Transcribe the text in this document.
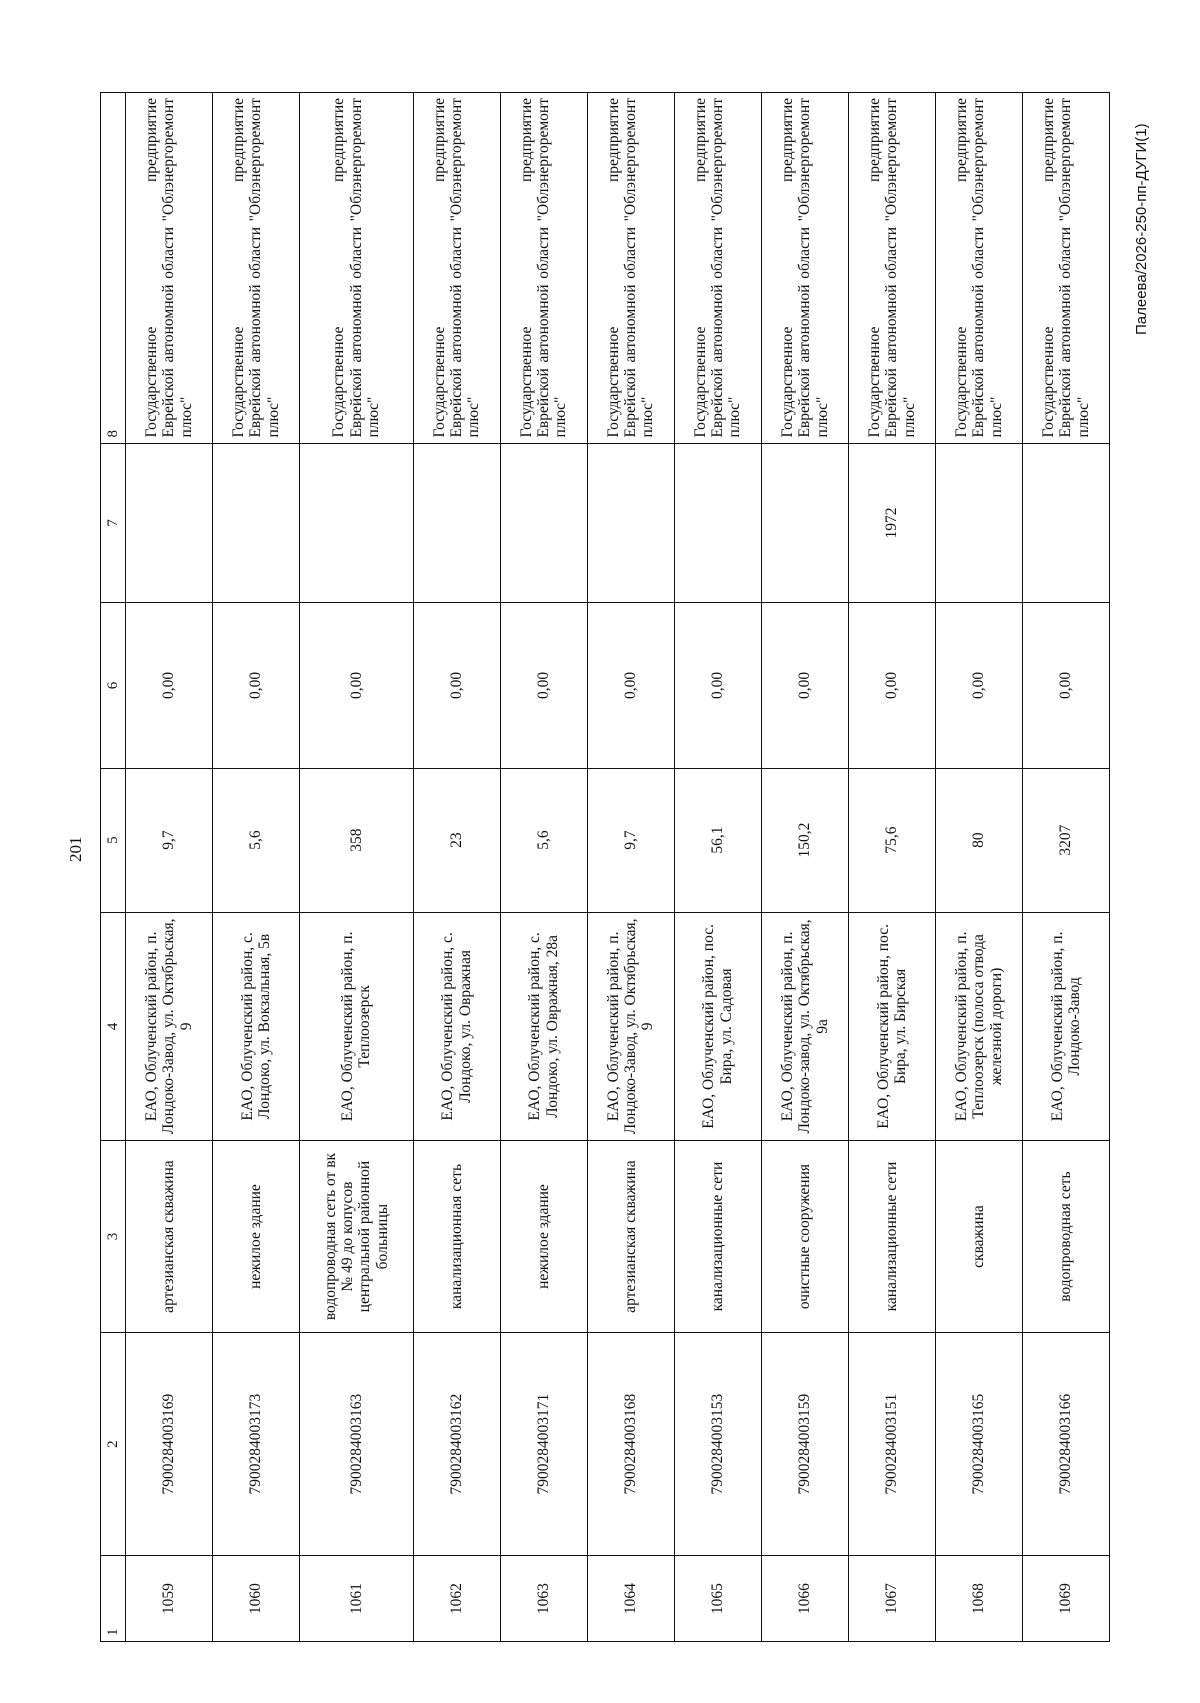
201
1	2	3	4	5	6	7	8
1059	7900284003169	артезианская скважина	ЕАО, Облученский район, п. Лондоко-Завод, ул. Октябрьская, 9	9,7	0,00		Государственное
предприятие Еврейской автономной области "Облэнергоремонт плюс"

1060	7900284003173	нежилое здание	ЕАО, Облученский район, с. Лондоко, ул. Вокзальная, 5в	5,6	0,00		Государственное
предприятие Еврейской автономной области "Облэнергоремонт плюс"

1061	7900284003163	водопроводная сеть от вк № 49 до копусов центральной районной больницы	ЕАО, Облученский район, п. Теплоозерск	358	0,00		Государственное
предприятие Еврейской автономной области "Облэнергоремонт плюс"

1062	7900284003162	канализационная сеть	ЕАО, Облученский район, с. Лондоко, ул. Овражная	23	0,00		Государственное
предприятие Еврейской автономной области "Облэнергоремонт плюс"

1063	7900284003171	нежилое здание	ЕАО, Облученский район, с. Лондоко, ул. Овражная, 28а	5,6	0,00		Государственное
предприятие Еврейской автономной области "Облэнергоремонт плюс"

1064	7900284003168	артезианская скважина	ЕАО, Облученский район, п. Лондоко-Завод, ул. Октябрьская, 9	9,7	0,00		Государственное
предприятие Еврейской автономной области "Облэнергоремонт плюс"

1065	7900284003153	канализационные сети	ЕАО, Облученский район, пос. Бира, ул. Садовая	56,1	0,00		Государственное
предприятие Еврейской автономной области "Облэнергоремонт плюс"

1066	7900284003159	очистные сооружения	ЕАО, Облученский район, п. Лондоко-завод, ул. Октябрьская, 9а	150,2	0,00		Государственное
предприятие Еврейской автономной области "Облэнергоремонт плюс"

1067	7900284003151	канализационные сети	ЕАО, Облученский район, пос. Бира, ул. Бирская	75,6	0,00	1972	Государственное
предприятие Еврейской автономной области "Облэнергоремонт плюс"

1068	7900284003165	скважина	ЕАО, Облученский район, п. Теплоозерск (полоса отвода железной дороги)	80	0,00		Государственное
предприятие Еврейской автономной области "Облэнергоремонт плюс"

1069	7900284003166	водопроводная сеть	ЕАО, Облученский район, п. Лондоко-Завод	3207	0,00		Государственное
предприятие Еврейской автономной области "Облэнергоремонт плюс"
Палеева/2026-250-пп-ДУГИ(1)
